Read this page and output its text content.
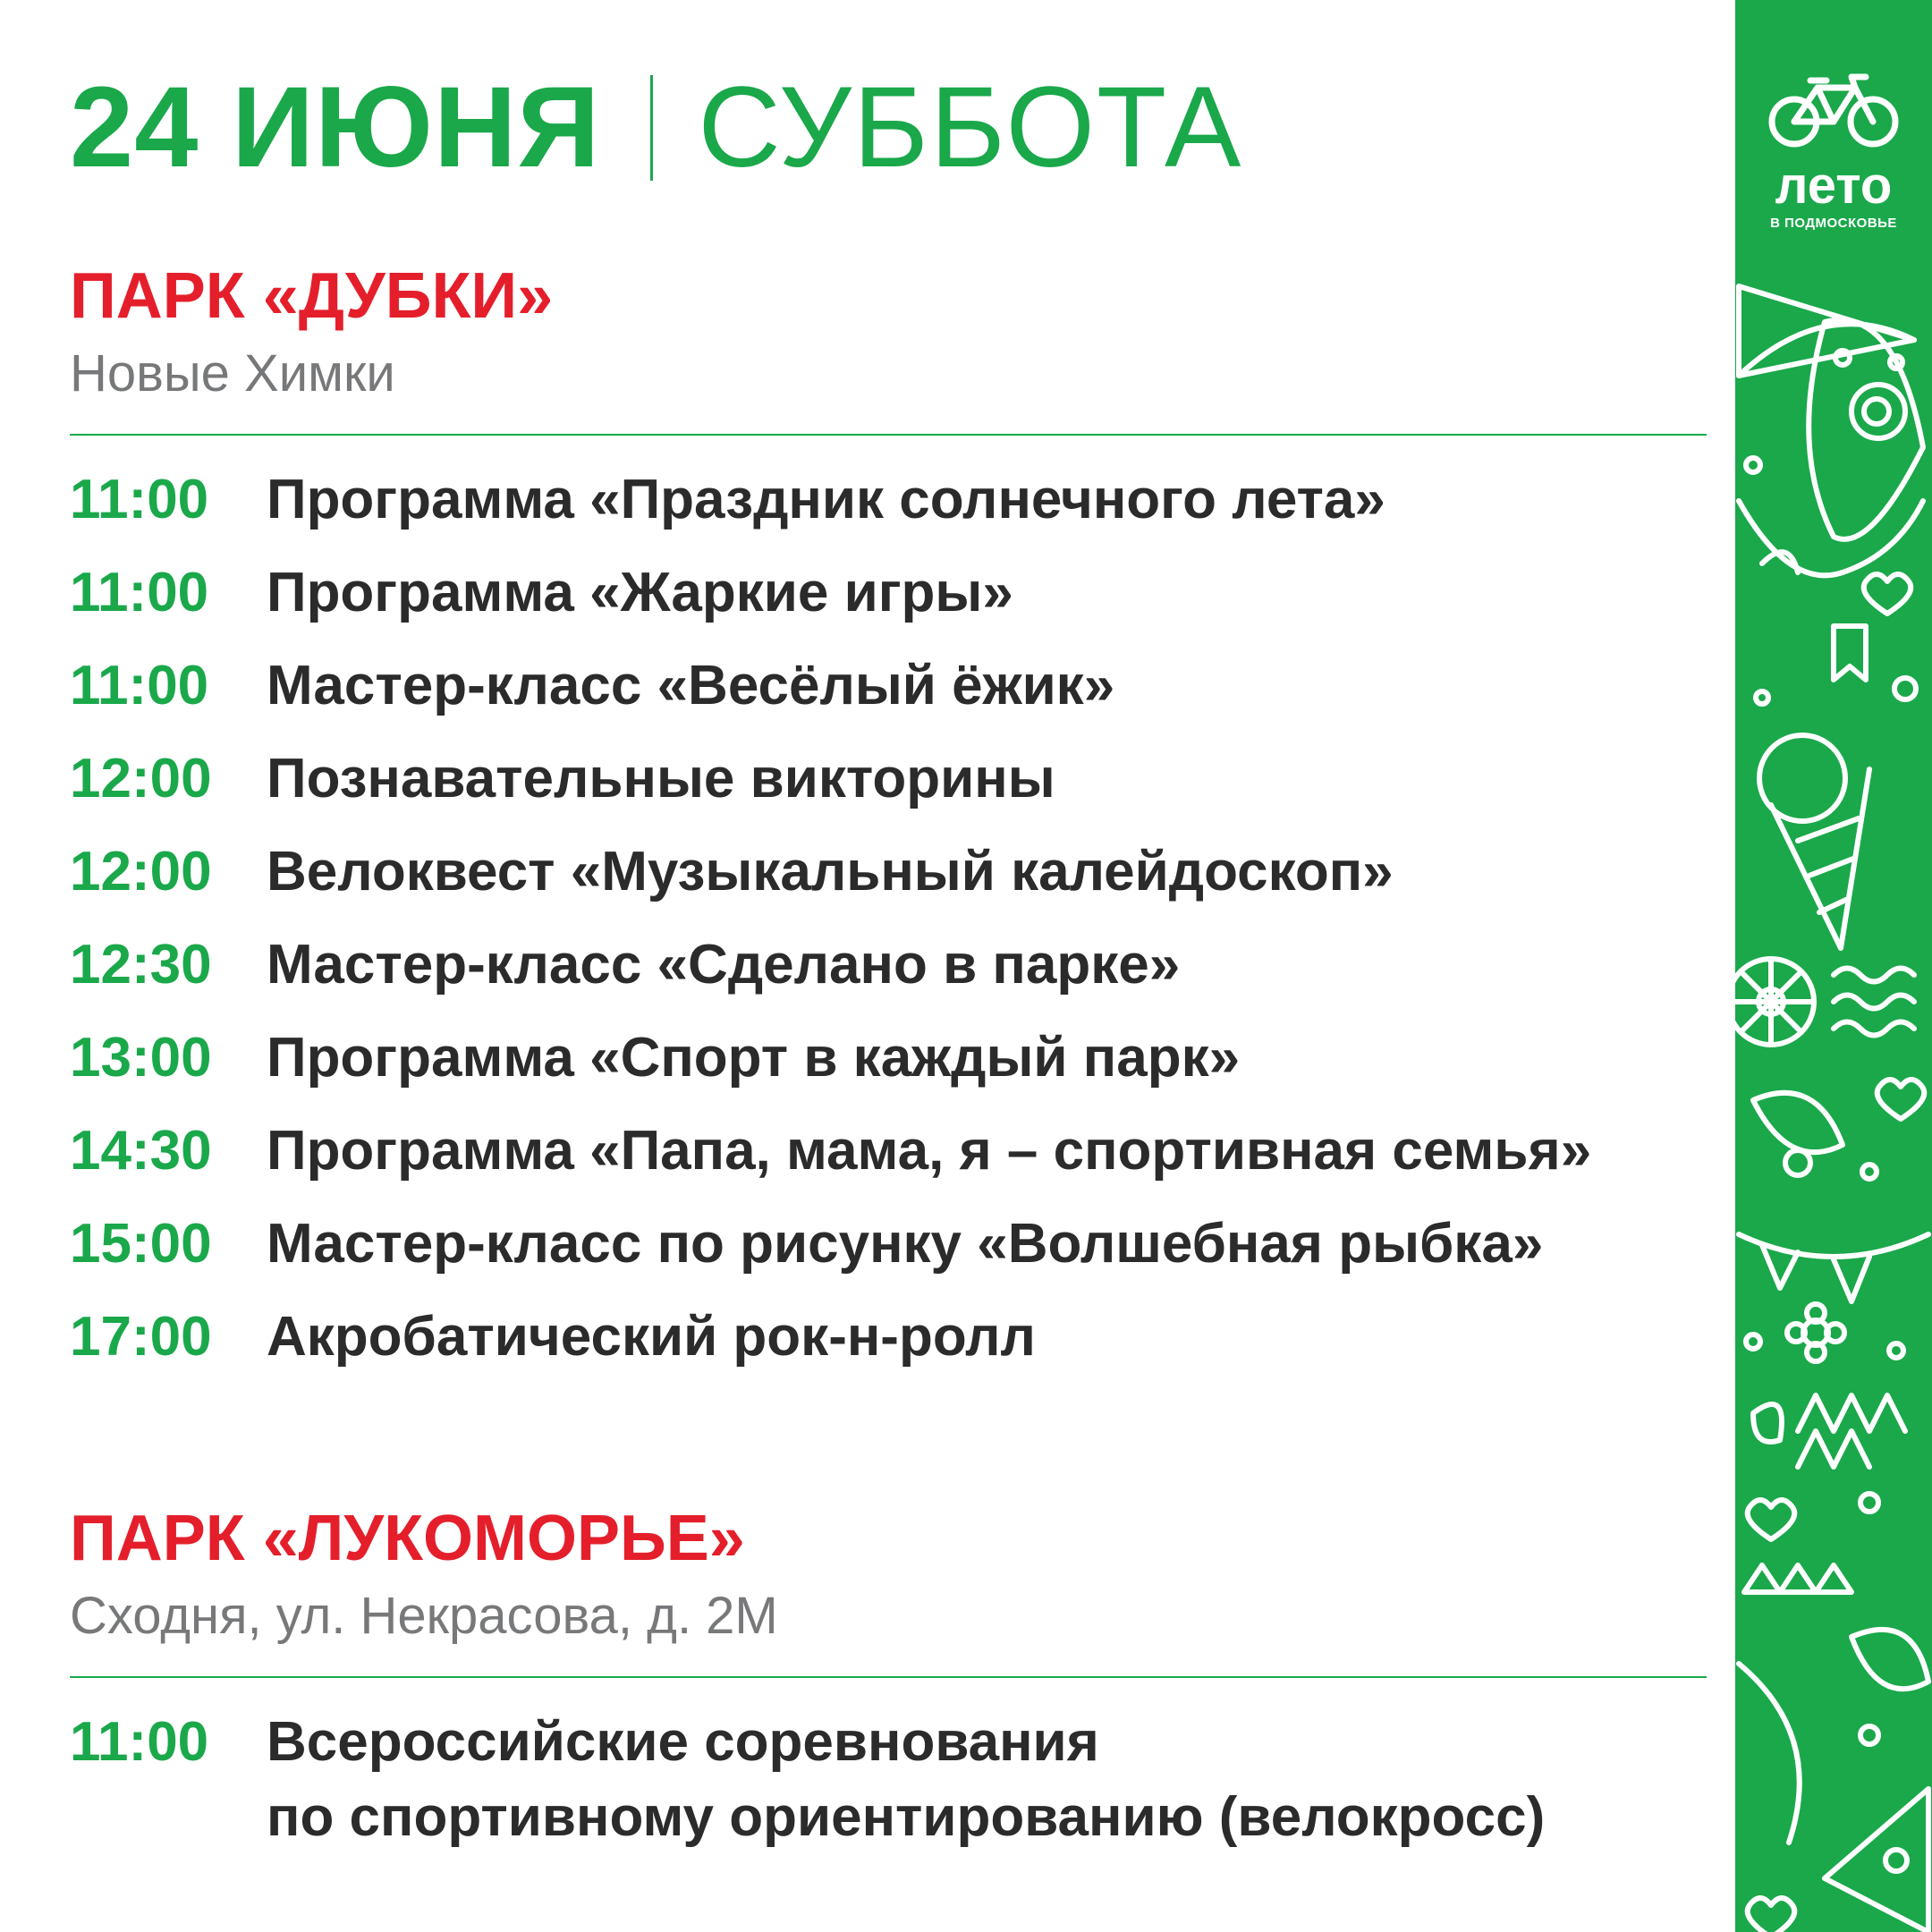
24 ИЮНЯ СУББОТА
ПАРК «ДУБКИ»
Новые Химки
11:00	Программа «Праздник солнечного лета»
11:00	Программа «Жаркие игры»
11:00	Мастер-класс «Весёлый ёжик»
12:00 Познавательные викторины
12:00 Велоквест «Музыкальный калейдоскоп»
12:30 Мастер-класс «Сделано в парке»
13:00 Программа «Спорт в каждый парк»
14:30 Программа «Папа, мама, я – спортивная семья»
15:00 Мастер-класс по рисунку «Волшебная рыбка»
17:00 Акробатический рок-н-ролл
ПАРК «ЛУКОМОРЬЕ»
Сходня, ул. Некрасова, д. 2М
11:00	Всероссийские соревнования
по спортивному ориентированию (велокросс)
лето
В ПОДМОСКОВЬЕ
